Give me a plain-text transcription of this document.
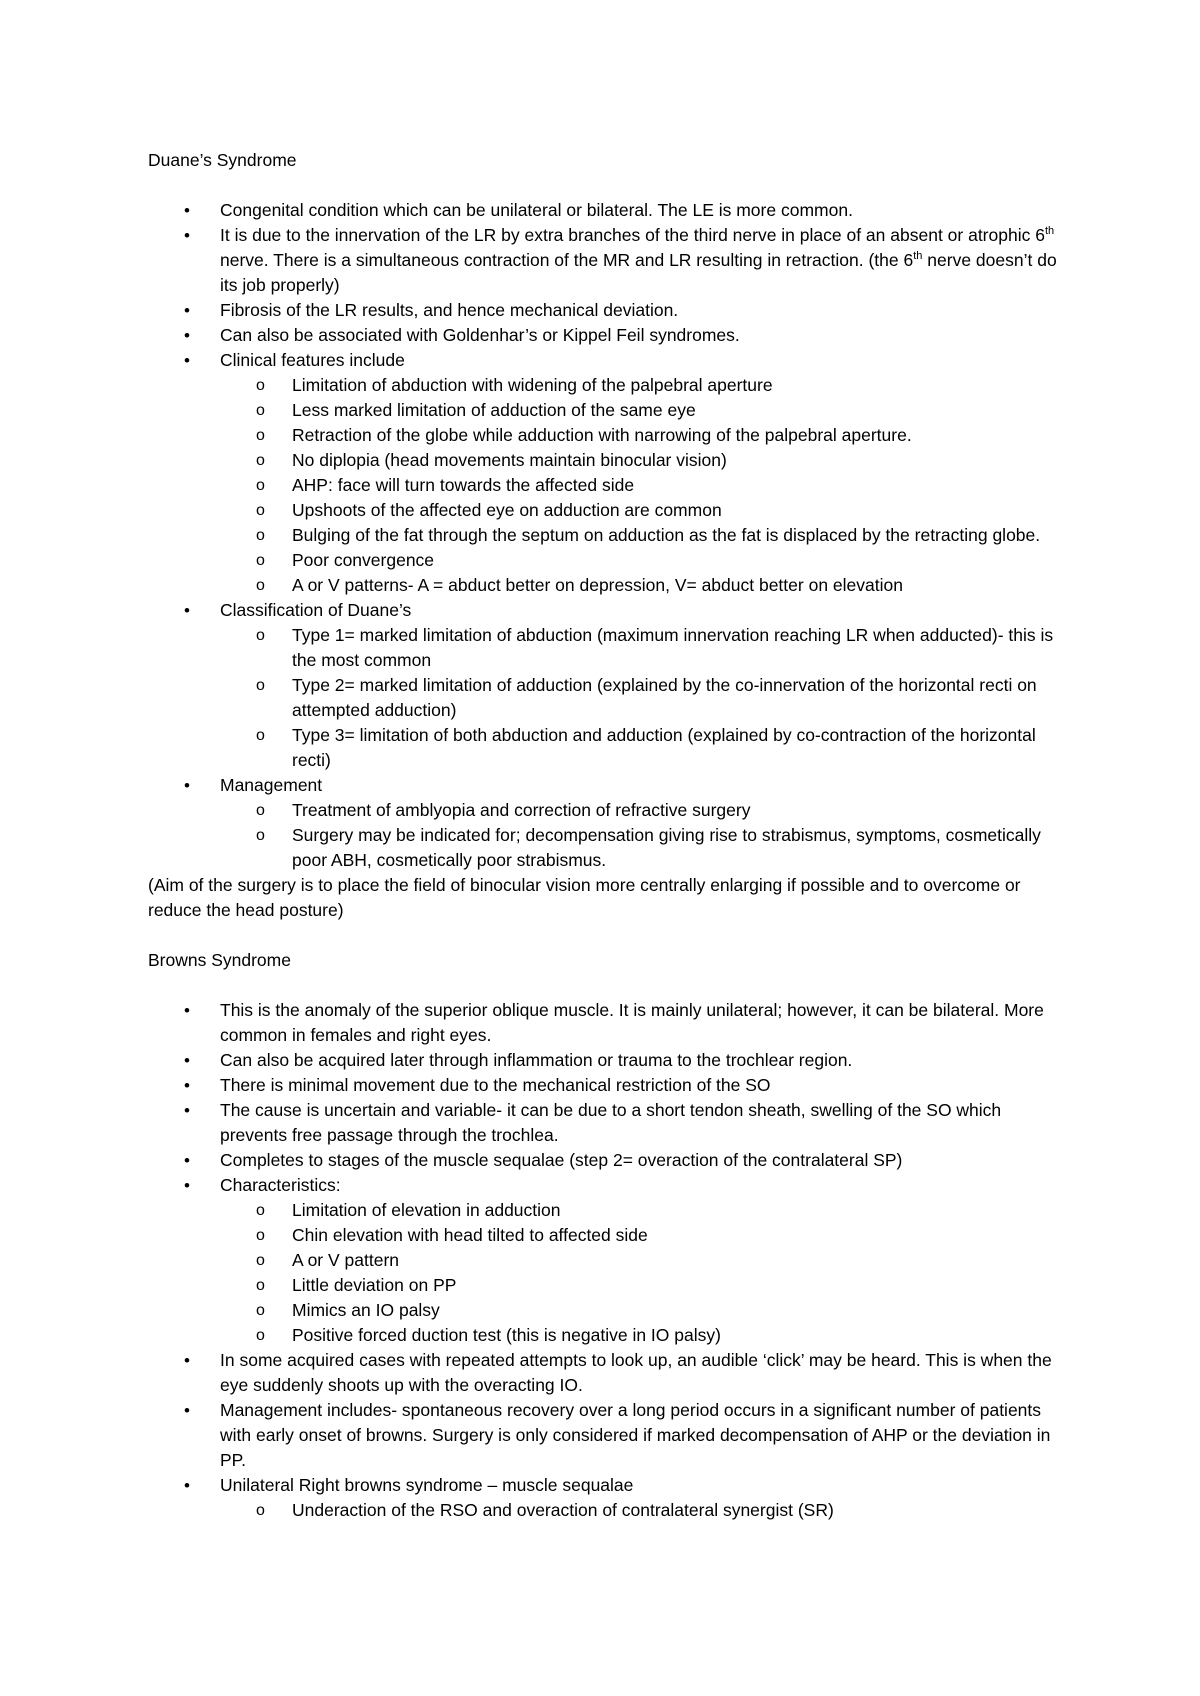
Duane’s Syndrome

• Congenital condition which can be unilateral or bilateral. The LE is more common.
• It is due to the innervation of the LR by extra branches of the third nerve in place of an absent or atrophic 6th nerve. There is a simultaneous contraction of the MR and LR resulting in retraction. (the 6th nerve doesn’t do its job properly)
• Fibrosis of the LR results, and hence mechanical deviation.
• Can also be associated with Goldenhar’s or Kippel Feil syndromes.
• Clinical features include
o Limitation of abduction with widening of the palpebral aperture
o Less marked limitation of adduction of the same eye
o Retraction of the globe while adduction with narrowing of the palpebral aperture.
o No diplopia (head movements maintain binocular vision)
o AHP: face will turn towards the affected side
o Upshoots of the affected eye on adduction are common
o Bulging of the fat through the septum on adduction as the fat is displaced by the retracting globe.
o Poor convergence
o A or V patterns- A = abduct better on depression, V= abduct better on elevation
• Classification of Duane’s
o Type 1= marked limitation of abduction (maximum innervation reaching LR when adducted)- this is the most common
o Type 2= marked limitation of adduction (explained by the co-innervation of the horizontal recti on attempted adduction)
o Type 3= limitation of both abduction and adduction (explained by co-contraction of the horizontal recti)
• Management
o Treatment of amblyopia and correction of refractive surgery
o Surgery may be indicated for; decompensation giving rise to strabismus, symptoms, cosmetically poor ABH, cosmetically poor strabismus.

(Aim of the surgery is to place the field of binocular vision more centrally enlarging if possible and to overcome or reduce the head posture)

Browns Syndrome

• This is the anomaly of the superior oblique muscle. It is mainly unilateral; however, it can be bilateral. More common in females and right eyes.
• Can also be acquired later through inflammation or trauma to the trochlear region.
• There is minimal movement due to the mechanical restriction of the SO
• The cause is uncertain and variable- it can be due to a short tendon sheath, swelling of the SO which prevents free passage through the trochlea.
• Completes to stages of the muscle sequalae (step 2= overaction of the contralateral SP)
• Characteristics:
o Limitation of elevation in adduction
o Chin elevation with head tilted to affected side
o A or V pattern
o Little deviation on PP
o Mimics an IO palsy
o Positive forced duction test (this is negative in IO palsy)
• In some acquired cases with repeated attempts to look up, an audible ‘click’ may be heard. This is when the eye suddenly shoots up with the overacting IO.
• Management includes- spontaneous recovery over a long period occurs in a significant number of patients with early onset of browns. Surgery is only considered if marked decompensation of AHP or the deviation in PP.
• Unilateral Right browns syndrome – muscle sequalae
o Underaction of the RSO and overaction of contralateral synergist (SR)
